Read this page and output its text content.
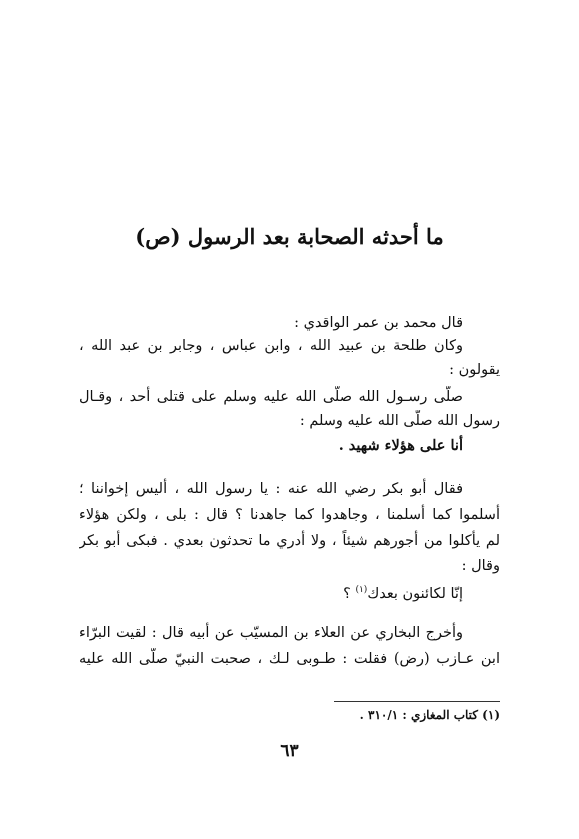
ما أحدثه الصحابة بعد الرسول (ص)
قال محمد بن عمر الواقدي :
وكان طلحة بن عبيد الله ، وابن عباس ، وجابر بن عبد الله ،
يقولون :
صلّى رسـول الله صلّى الله عليه وسلم على قتلى أحد ، وقـال
رسول الله صلّى الله عليه وسلم :
أنا على هؤلاء شهيد .
فقال أبو بكر رضي الله عنه : يا رسول الله ، أليس إخواننا ؛
أسلموا كما أسلمنا ، وجاهدوا كما جاهدنا ؟ قال : بلى ، ولكن هؤلاء
لم يأكلوا من أجورهم شيئاً ، ولا أدري ما تحدثون بعدي . فبكى أبو بكر
وقال :
إنّا لكائنون بعدك$^{(١)}$ ؟
وأخرج البخاري عن العلاء بن المسيّب عن أبيه قال : لقيت البرّاء
ابن عـازب (رض) فقلت : طـوبى لـك ، صحبت النبيّ صلّى الله عليه
(١) كتاب المغازي : ٣١٠/١ .
٦٣
